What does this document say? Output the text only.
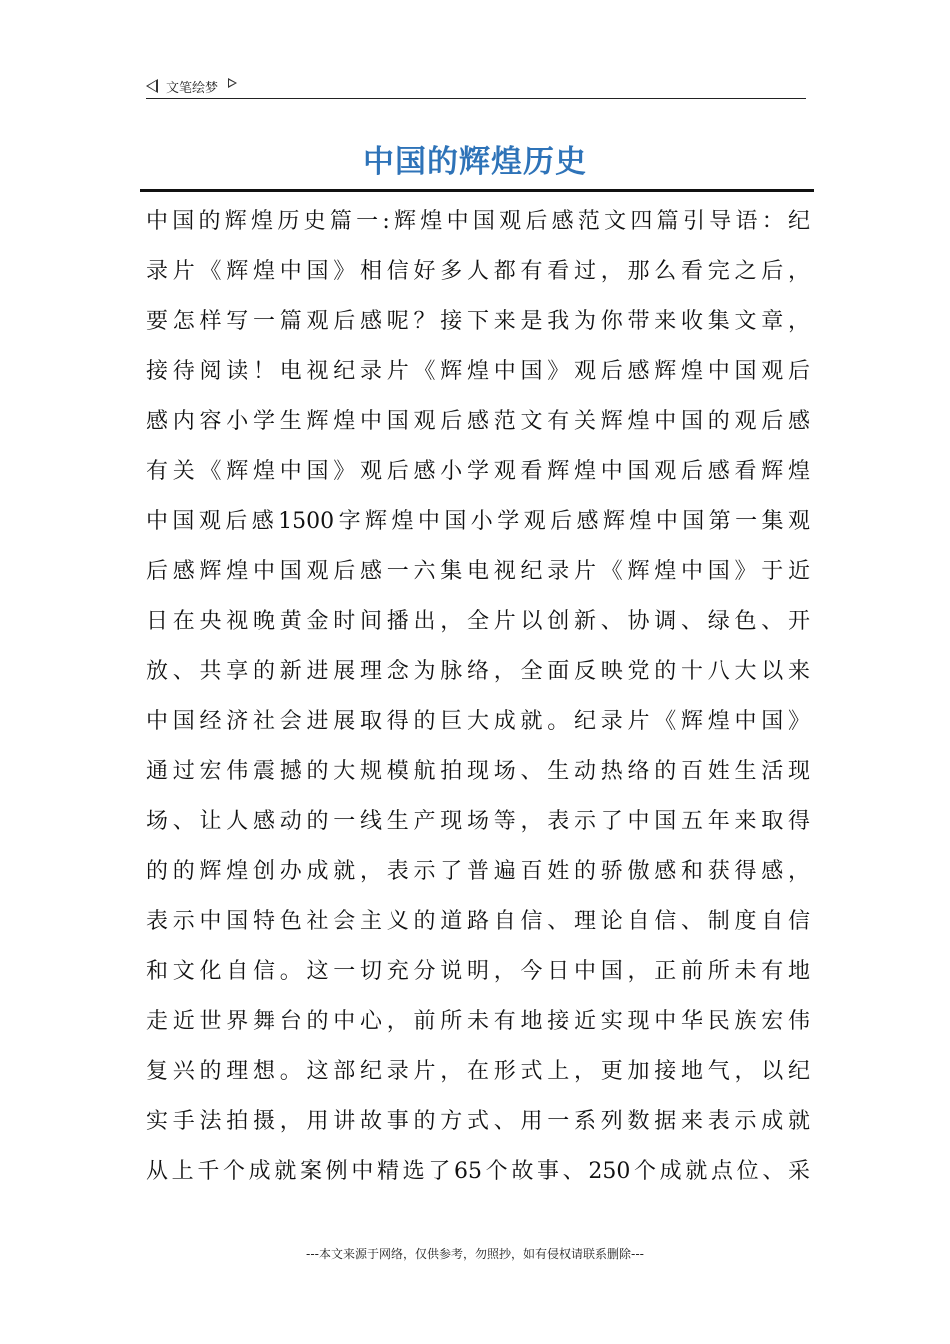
文笔绘梦
中国的辉煌历史
中国的辉煌历史篇一:辉煌中国观后感范文四篇引导语：纪
录片《辉煌中国》相信好多人都有看过，那么看完之后，
要怎样写一篇观后感呢？接下来是我为你带来收集文章，
接待阅读！电视纪录片《辉煌中国》观后感辉煌中国观后
感内容小学生辉煌中国观后感范文有关辉煌中国的观后感
有关《辉煌中国》观后感小学观看辉煌中国观后感看辉煌
中国观后感1500字辉煌中国小学观后感辉煌中国第一集观
后感辉煌中国观后感一六集电视纪录片《辉煌中国》于近
日在央视晚黄金时间播出，全片以创新、协调、绿色、开
放、共享的新进展理念为脉络，全面反映党的十八大以来
中国经济社会进展取得的巨大成就。纪录片《辉煌中国》
通过宏伟震撼的大规模航拍现场、生动热络的百姓生活现
场、让人感动的一线生产现场等，表示了中国五年来取得
的的辉煌创办成就，表示了普遍百姓的骄傲感和获得感，
表示中国特色社会主义的道路自信、理论自信、制度自信
和文化自信。这一切充分说明，今日中国，正前所未有地
走近世界舞台的中心，前所未有地接近实现中华民族宏伟
复兴的理想。这部纪录片，在形式上，更加接地气，以纪
实手法拍摄，用讲故事的方式、用一系列数据来表示成就
从上千个成就案例中精选了65个故事、250个成就点位、采
---本文来源于网络，仅供参考，勿照抄，如有侵权请联系删除---
